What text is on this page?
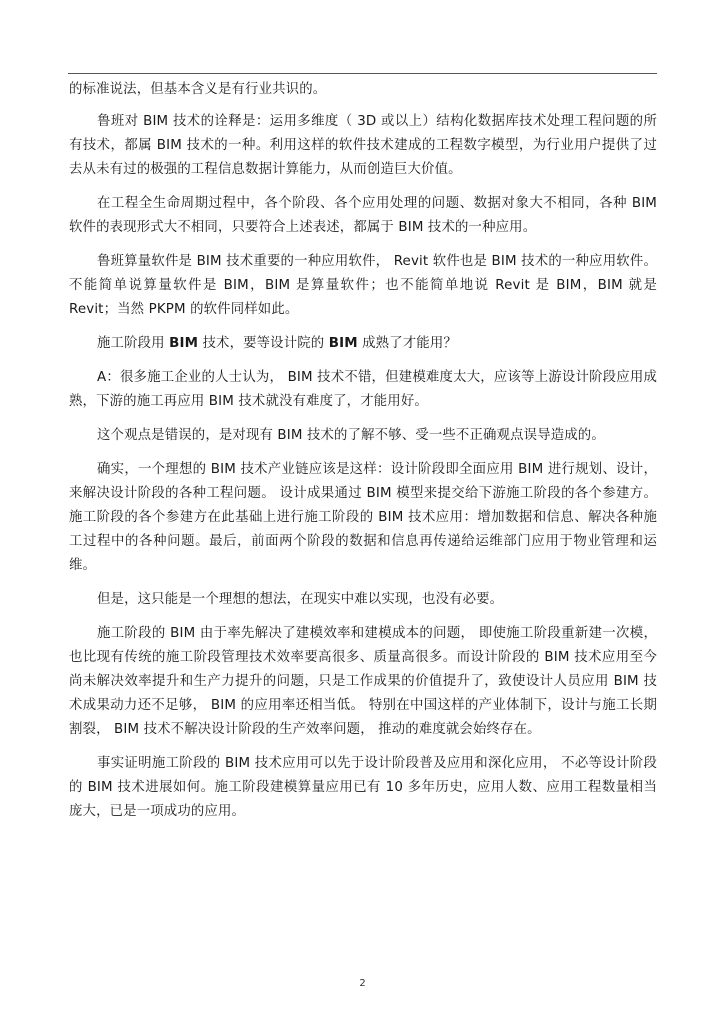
的标准说法，但基本含义是有行业共识的。

鲁班对 BIM 技术的诠释是：运用多维度（ 3D 或以上）结构化数据库技术处理工程问题的所有技术，都属 BIM 技术的一种。利用这样的软件技术建成的工程数字模型，为行业用户提供了过去从未有过的极强的工程信息数据计算能力，从而创造巨大价值。

在工程全生命周期过程中，各个阶段、各个应用处理的问题、数据对象大不相同，各种 BIM 软件的表现形式大不相同，只要符合上述表述，都属于 BIM 技术的一种应用。

鲁班算量软件是 BIM 技术重要的一种应用软件， Revit 软件也是 BIM 技术的一种应用软件。不能简单说算量软件是 BIM，BIM 是算量软件；也不能简单地说 Revit 是 BIM，BIM 就是 Revit；当然 PKPM 的软件同样如此。

施工阶段用 BIM 技术，要等设计院的 BIM 成熟了才能用？

A：很多施工企业的人士认为， BIM 技术不错，但建模难度太大，应该等上游设计阶段应用成熟，下游的施工再应用 BIM 技术就没有难度了，才能用好。

这个观点是错误的，是对现有 BIM 技术的了解不够、受一些不正确观点误导造成的。

确实，一个理想的 BIM 技术产业链应该是这样：设计阶段即全面应用 BIM 进行规划、设计，来解决设计阶段的各种工程问题。 设计成果通过 BIM 模型来提交给下游施工阶段的各个参建方。 施工阶段的各个参建方在此基础上进行施工阶段的 BIM 技术应用：增加数据和信息、解决各种施工过程中的各种问题。最后，前面两个阶段的数据和信息再传递给运维部门应用于物业管理和运维。

但是，这只能是一个理想的想法，在现实中难以实现，也没有必要。

施工阶段的 BIM 由于率先解决了建模效率和建模成本的问题， 即使施工阶段重新建一次模，也比现有传统的施工阶段管理技术效率要高很多、质量高很多。而设计阶段的 BIM 技术应用至今尚未解决效率提升和生产力提升的问题，只是工作成果的价值提升了，致使设计人员应用 BIM 技术成果动力还不足够， BIM 的应用率还相当低。 特别在中国这样的产业体制下，设计与施工长期割裂， BIM 技术不解决设计阶段的生产效率问题， 推动的难度就会始终存在。

事实证明施工阶段的 BIM 技术应用可以先于设计阶段普及应用和深化应用， 不必等设计阶段的 BIM 技术进展如何。施工阶段建模算量应用已有 10 多年历史，应用人数、应用工程数量相当庞大，已是一项成功的应用。

2
